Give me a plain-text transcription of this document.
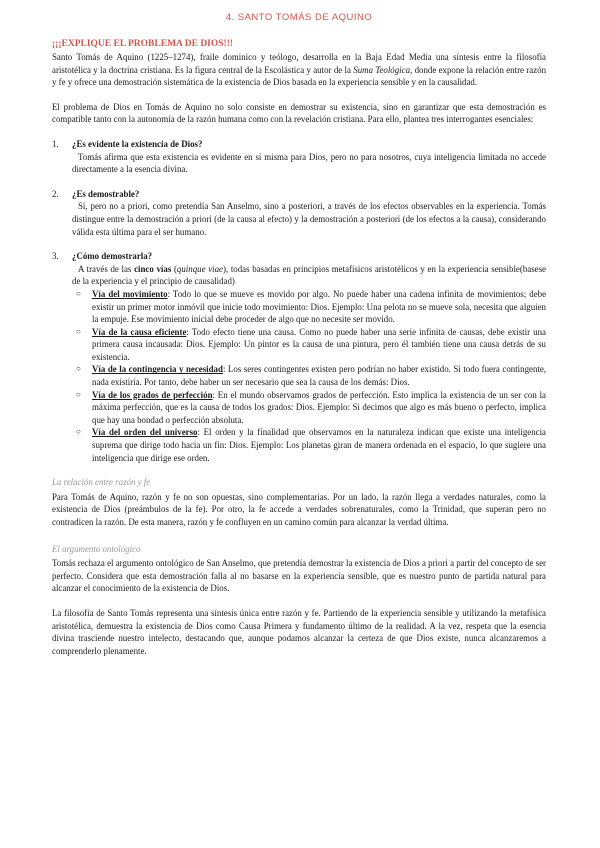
4. SANTO TOMÁS DE AQUINO
¡¡¡EXPLIQUE EL PROBLEMA DE DIOS!!!

Santo Tomás de Aquino (1225–1274), fraile dominico y teólogo, desarrolla en la Baja Edad Media una síntesis entre la filosofía aristotélica y la doctrina cristiana. Es la figura central de la Escolástica y autor de la Suma Teológica, donde expone la relación entre razón y fe y ofrece una demostración sistemática de la existencia de Dios basada en la experiencia sensible y en la causalidad.

El problema de Dios en Tomás de Aquino no solo consiste en demostrar su existencia, sino en garantizar que esta demostración es compatible tanto con la autonomía de la razón humana como con la revelación cristiana. Para ello, plantea tres interrogantes esenciales:

1.	¿Es evidente la existencia de Dios?
Tomás afirma que esta existencia es evidente en sí misma para Dios, pero no para nosotros, cuya inteligencia limitada no accede directamente a la esencia divina.
2.	¿Es demostrable?
Sí, pero no a priori, como pretendía San Anselmo, sino a posteriori, a través de los efectos observables en la experiencia. Tomás distingue entre la demostración a priori (de la causa al efecto) y la demostración a posteriori (de los efectos a la causa), considerando válida esta última para el ser humano.
3.	¿Cómo demostrarla?
A través de las cinco vías (quinque viae), todas basadas en principios metafísicos aristotélicos y en la experiencia sensible(basese de la experiencia y el principio de causalidad)
○ Vía del movimiento: Todo lo que se mueve es movido por algo. No puede haber una cadena infinita de movimientos; debe existir un primer motor inmóvil que inicie todo movimiento: Dios. Ejemplo: Una pelota no se mueve sola, necesita que alguien la empuje. Ese movimiento inicial debe proceder de algo que no necesite ser movido.
○ Vía de la causa eficiente: Todo efecto tiene una causa. Como no puede haber una serie infinita de causas, debe existir una primera causa incausada: Dios. Ejemplo: Un pintor es la causa de una pintura, pero él también tiene una causa detrás de su existencia.
○ Vía de la contingencia y necesidad: Los seres contingentes existen pero podrían no haber existido. Si todo fuera contingente, nada existiría. Por tanto, debe haber un ser necesario que sea la causa de los demás: Dios.
○ Vía de los grados de perfección: En el mundo observamos grados de perfección. Esto implica la existencia de un ser con la máxima perfección, que es la causa de todos los grados: Dios. Ejemplo: Si decimos que algo es más bueno o perfecto, implica que hay una bondad o perfección absoluta.
○ Vía del orden del universo: El orden y la finalidad que observamos en la naturaleza indican que existe una inteligencia suprema que dirige todo hacia un fin: Dios. Ejemplo: Los planetas giran de manera ordenada en el espacio, lo que sugiere una inteligencia que dirige ese orden.
La relación entre razón y fe

Para Tomás de Aquino, razón y fe no son opuestas, sino complementarias. Por un lado, la razón llega a verdades naturales, como la existencia de Dios (preámbulos de la fe). Por otro, la fe accede a verdades sobrenaturales, como la Trinidad, que superan pero no contradicen la razón. De esta manera, razón y fe confluyen en un camino común para alcanzar la verdad última.

El argumento ontológico

Tomás rechaza el argumento ontológico de San Anselmo, que pretendía demostrar la existencia de Dios a priori a partir del concepto de ser perfecto. Considera que esta demostración falla al no basarse en la experiencia sensible, que es nuestro punto de partida natural para alcanzar el conocimiento de la existencia de Dios.

La filosofía de Santo Tomás representa una síntesis única entre razón y fe. Partiendo de la experiencia sensible y utilizando la metafísica aristotélica, demuestra la existencia de Dios como Causa Primera y fundamento último de la realidad. A la vez, respeta que la esencia divina trasciende nuestro intelecto, destacando que, aunque podamos alcanzar la certeza de que Dios existe, nunca alcanzaremos a comprenderlo plenamente.
